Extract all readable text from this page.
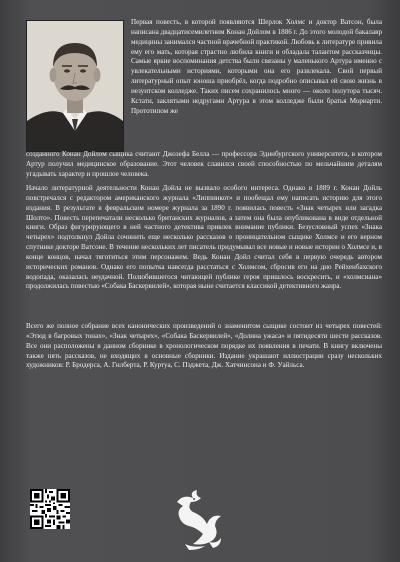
Первая повесть, в которой появляются Шерлок Холмс и доктор Ватсон, была написана двадцатисемилетним Конан Дойлом в 1886 г. До этого молодой бакалавр медицины занимался частной врачебной практикой. Любовь к литературе привила ему его мать, которая страстно любила книги и обладала талантом рассказчицы. Самые яркие воспоминания детства были связаны у маленького Артура именно с увлекательными историями, которыми она его развлекала. Свой первый литературный опыт юноша приобрёл, когда подробно описывал ей свою жизнь в иезуитском колледже. Таких писем сохранилось много — около полутора тысяч. Кстати, заклятыми недругами Артура в этом колледже были братья Мориарти. Прототипом же

созданного Конан Дойлом сыщика считают Джозефа Белла — профессора Эдинбургского университета, в котором Артур получил медицинское образование. Этот человек славился своей способностью по мельчайшим деталям угадывать характер и прошлое человека.

Начало литературной деятельности Конан Дойла не вызвало особого интереса. Однако в 1889 г. Конан Дойль повстречался с редактором американского журнала «Липпинкот» и пообещал ему написать историю для этого издания. В результате в февральском номере журнала за 1890 г. появилась повесть «Знак четырех или загадка Шолто». Повесть перепечатали несколько британских журналов, а затем она была опубликована в виде отдельной книги. Образ фигурирующего в ней частного детектива привлек внимание публики. Безусловный успех «Знака четырех» подтолкнул Дойла сочинить еще несколько рассказов о проницательном сыщике Холмсе и его верном спутнике докторе Ватсоне. В течение нескольких лет писатель придумывал все новые и новые истории о Холмсе и, в конце концов, начал тяготиться этим персонажем. Ведь Конан Дойл считал себя в первую очередь автором исторических романов. Однако его попытка навсегда расстаться с Холмсом, сбросив его на дно Рейхенбахского водопада, оказалась неудачной. Полюбившегося читающей публике героя пришлось воскресить, и «холмсиана» продолжилась повестью «Собака Баскервилей», которая ныне считается классикой детективного жанра.

Всего же полное собрание всех канонических произведений о знаменитом сыщике состоит из четырех повестей: «Этюд в багровых тонах», «Знак четырех», «Собака Баскервилей», «Долина ужаса» и пятидесяти шести рассказов. Все они расположены в данном сборнике в хронологическом порядке их появления в печати. В книгу включены также пять рассказов, не входящих в основные сборники. Издание украшают иллюстрации сразу нескольких художников: Р. Бродерса, А. Гилберта, Р. Куртуа, С. Пэджета, Дж. Хатчинсона и Ф. Уайльса.
